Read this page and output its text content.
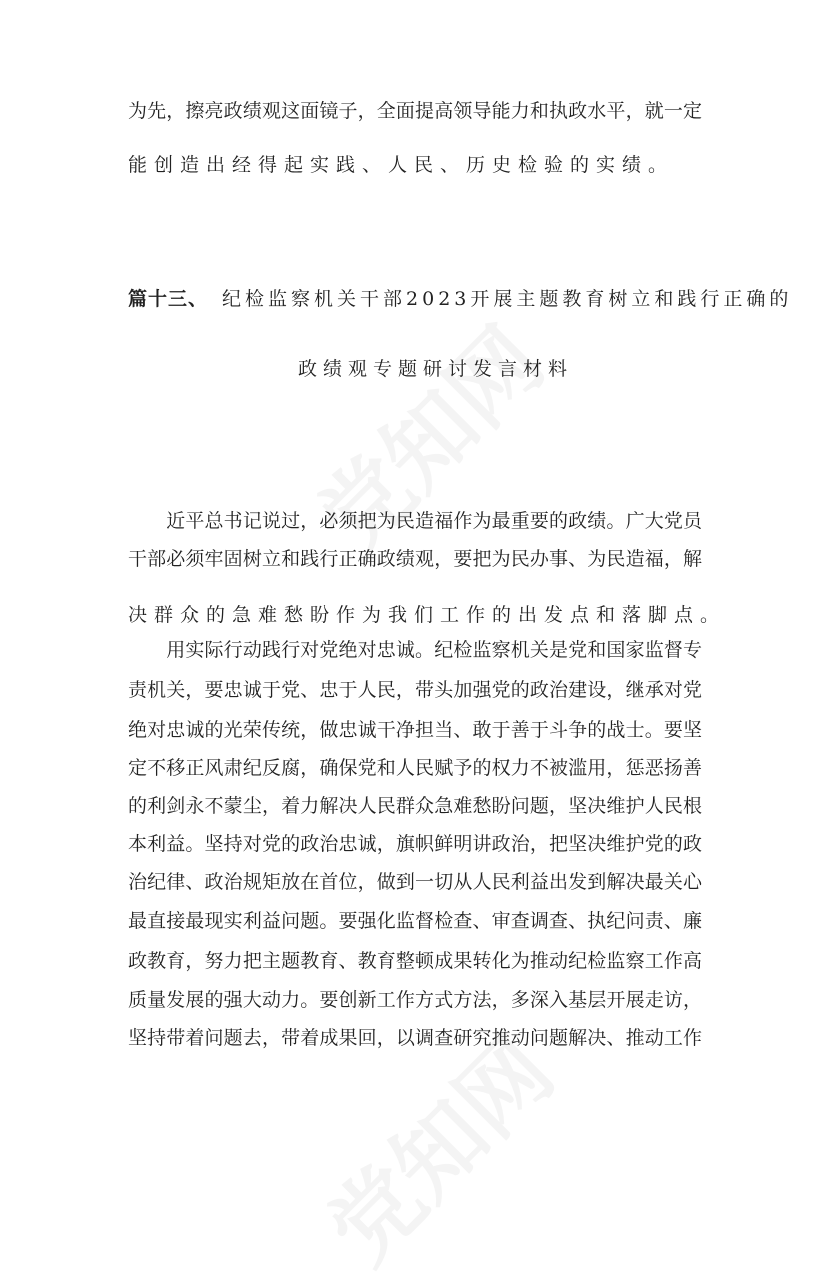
为先，擦亮政绩观这面镜子，全面提高领导能力和执政水平，就一定
能创造出经得起实践、人民、历史检验的实绩。
篇十三、 纪检监察机关干部2023开展主题教育树立和践行正确的
政绩观专题研讨发言材料
　　近平总书记说过，必须把为民造福作为最重要的政绩。广大党员
干部必须牢固树立和践行正确政绩观，要把为民办事、为民造福，解
决群众的急难愁盼作为我们工作的出发点和落脚点。
　　用实际行动践行对党绝对忠诚。纪检监察机关是党和国家监督专
责机关，要忠诚于党、忠于人民，带头加强党的政治建设，继承对党
绝对忠诚的光荣传统，做忠诚干净担当、敢于善于斗争的战士。要坚
定不移正风肃纪反腐，确保党和人民赋予的权力不被滥用，惩恶扬善
的利剑永不蒙尘，着力解决人民群众急难愁盼问题，坚决维护人民根
本利益。坚持对党的政治忠诚，旗帜鲜明讲政治，把坚决维护党的政
治纪律、政治规矩放在首位，做到一切从人民利益出发到解决最关心
最直接最现实利益问题。要强化监督检查、审查调查、执纪问责、廉
政教育，努力把主题教育、教育整顿成果转化为推动纪检监察工作高
质量发展的强大动力。要创新工作方式方法，多深入基层开展走访，
坚持带着问题去，带着成果回，以调查研究推动问题解决、推动工作
